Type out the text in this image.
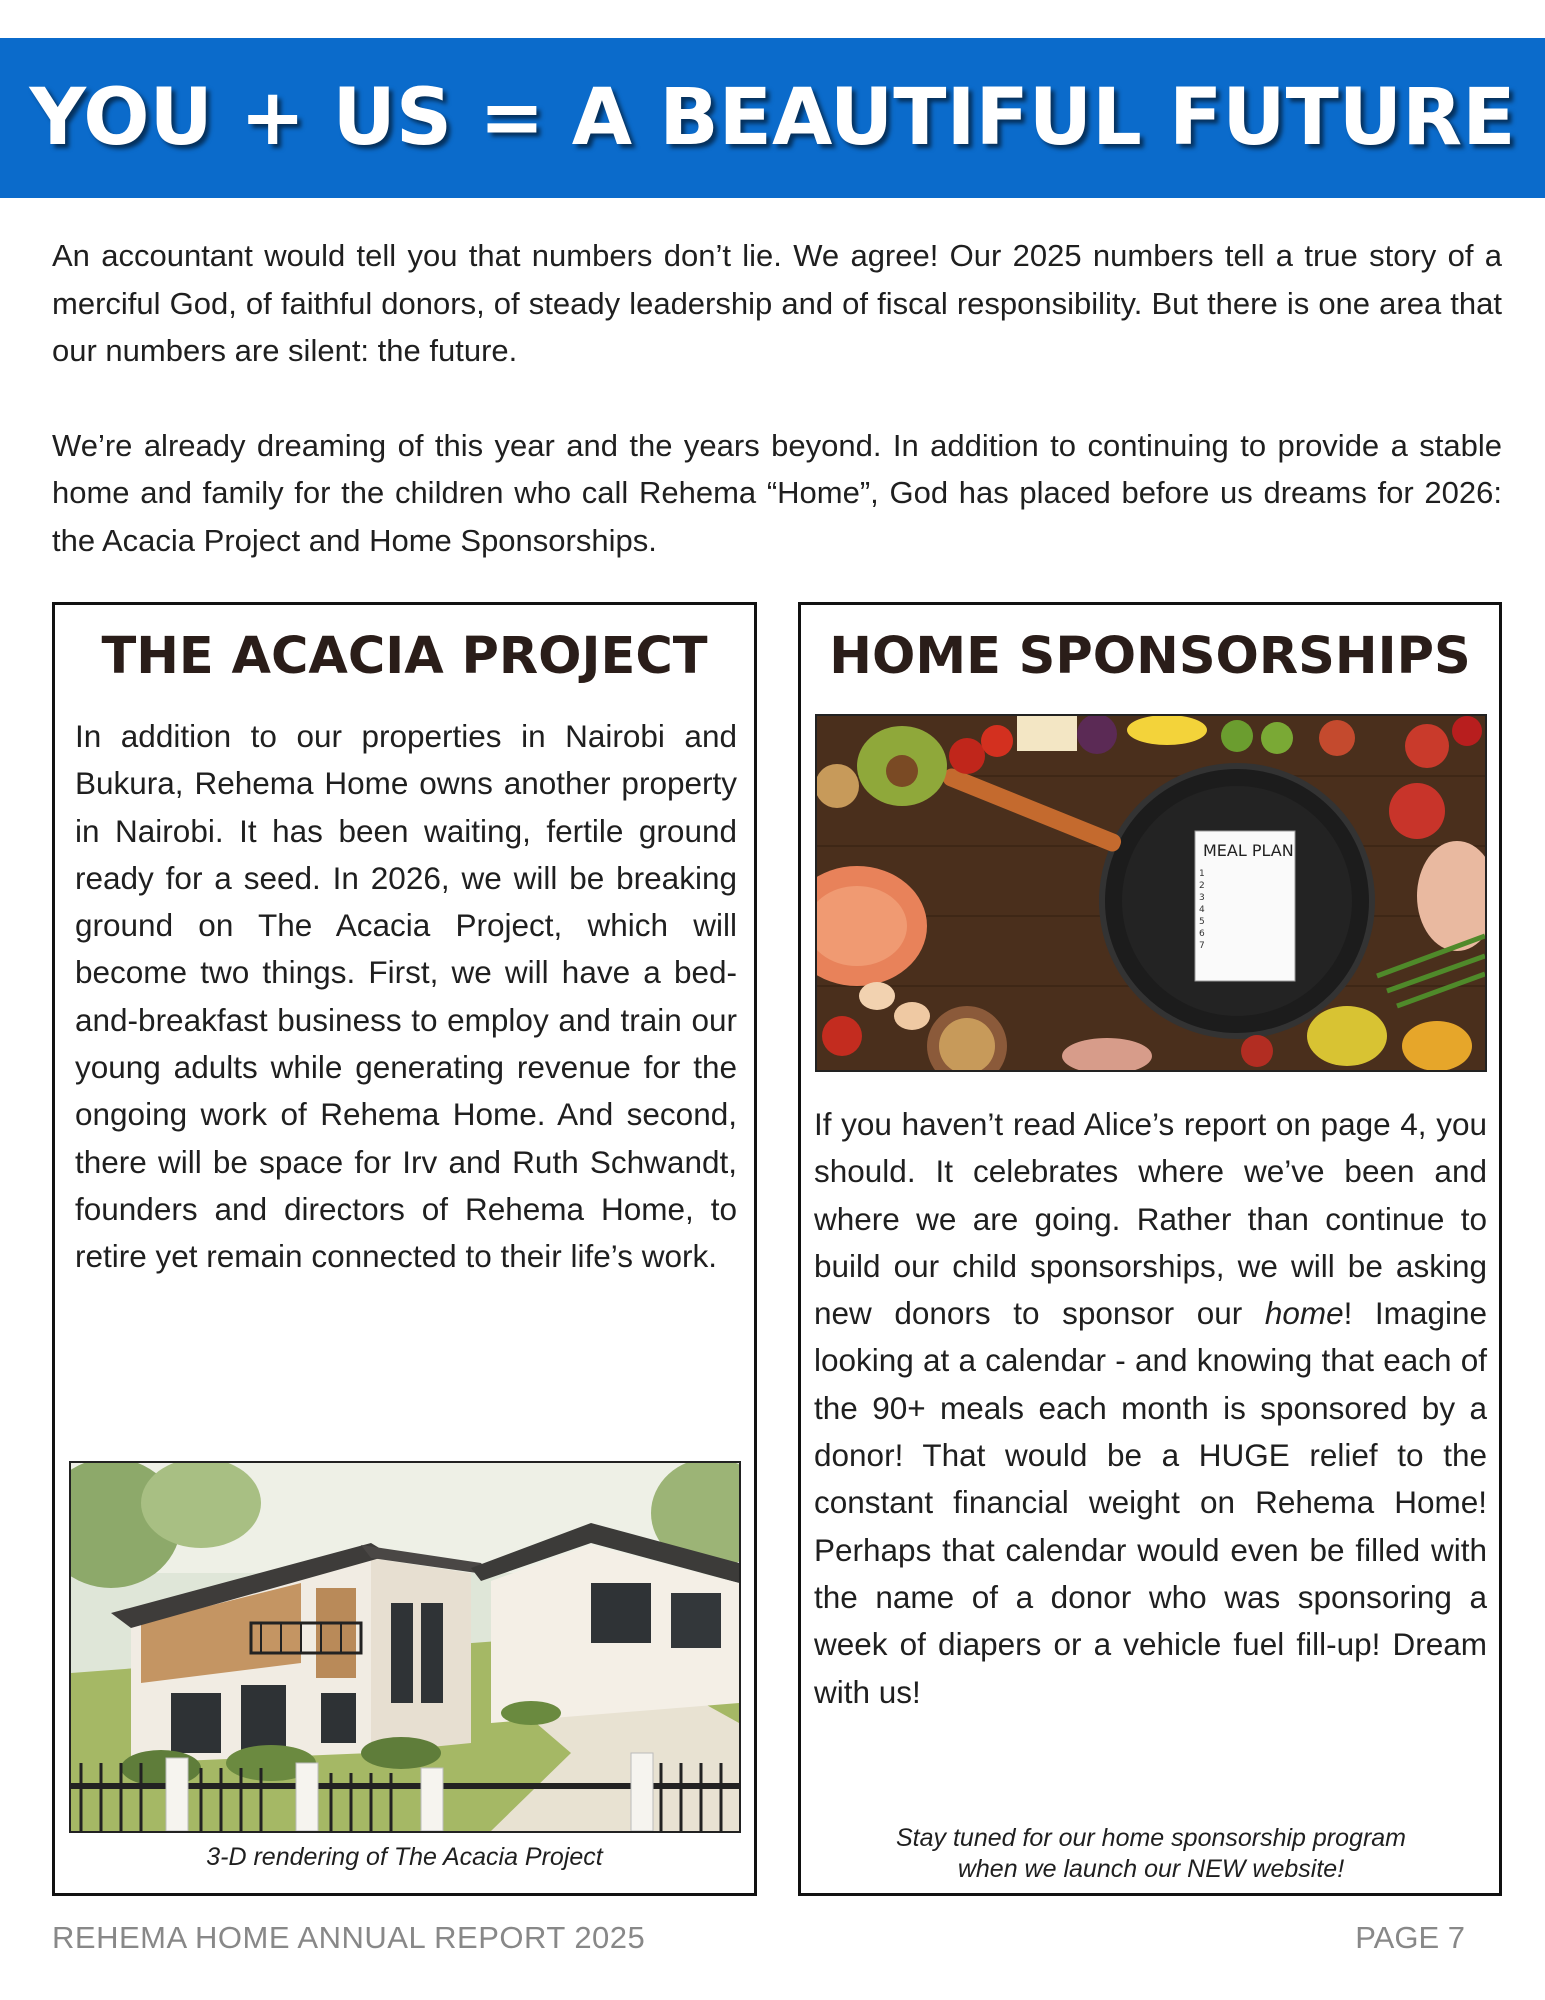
YOU + US = A BEAUTIFUL FUTURE

An accountant would tell you that numbers don’t lie. We agree! Our 2025 numbers tell a true story of a merciful God, of faithful donors, of steady leadership and of fiscal responsibility. But there is one area that our numbers are silent: the future.

We’re already dreaming of this year and the years beyond. In addition to continuing to provide a stable home and family for the children who call Rehema “Home”, God has placed before us dreams for 2026: the Acacia Project and Home Sponsorships.

THE ACACIA PROJECT
In addition to our properties in Nairobi and Bukura, Rehema Home owns another property in Nairobi. It has been waiting, fertile ground ready for a seed. In 2026, we will be breaking ground on The Acacia Project, which will become two things. First, we will have a bed-and-breakfast business to employ and train our young adults while generating revenue for the ongoing work of Rehema Home. And second, there will be space for Irv and Ruth Schwandt, founders and directors of Rehema Home, to retire yet remain connected to their life’s work.
3-D rendering of The Acacia Project
HOME SPONSORSHIPS
MEAL PLAN
1
2
3
4
5
6
7
If you haven’t read Alice’s report on page 4, you should. It celebrates where we’ve been and where we are going. Rather than continue to build our child sponsorships, we will be asking new donors to sponsor our home! Imagine looking at a calendar - and knowing that each of the 90+ meals each month is sponsored by a donor! That would be a HUGE relief to the constant financial weight on Rehema Home! Perhaps that calendar would even be filled with the name of a donor who was sponsoring a week of diapers or a vehicle fuel fill-up! Dream with us!
Stay tuned for our home sponsorship program
when we launch our NEW website!
REHEMA HOME ANNUAL REPORT 2025	PAGE 7
